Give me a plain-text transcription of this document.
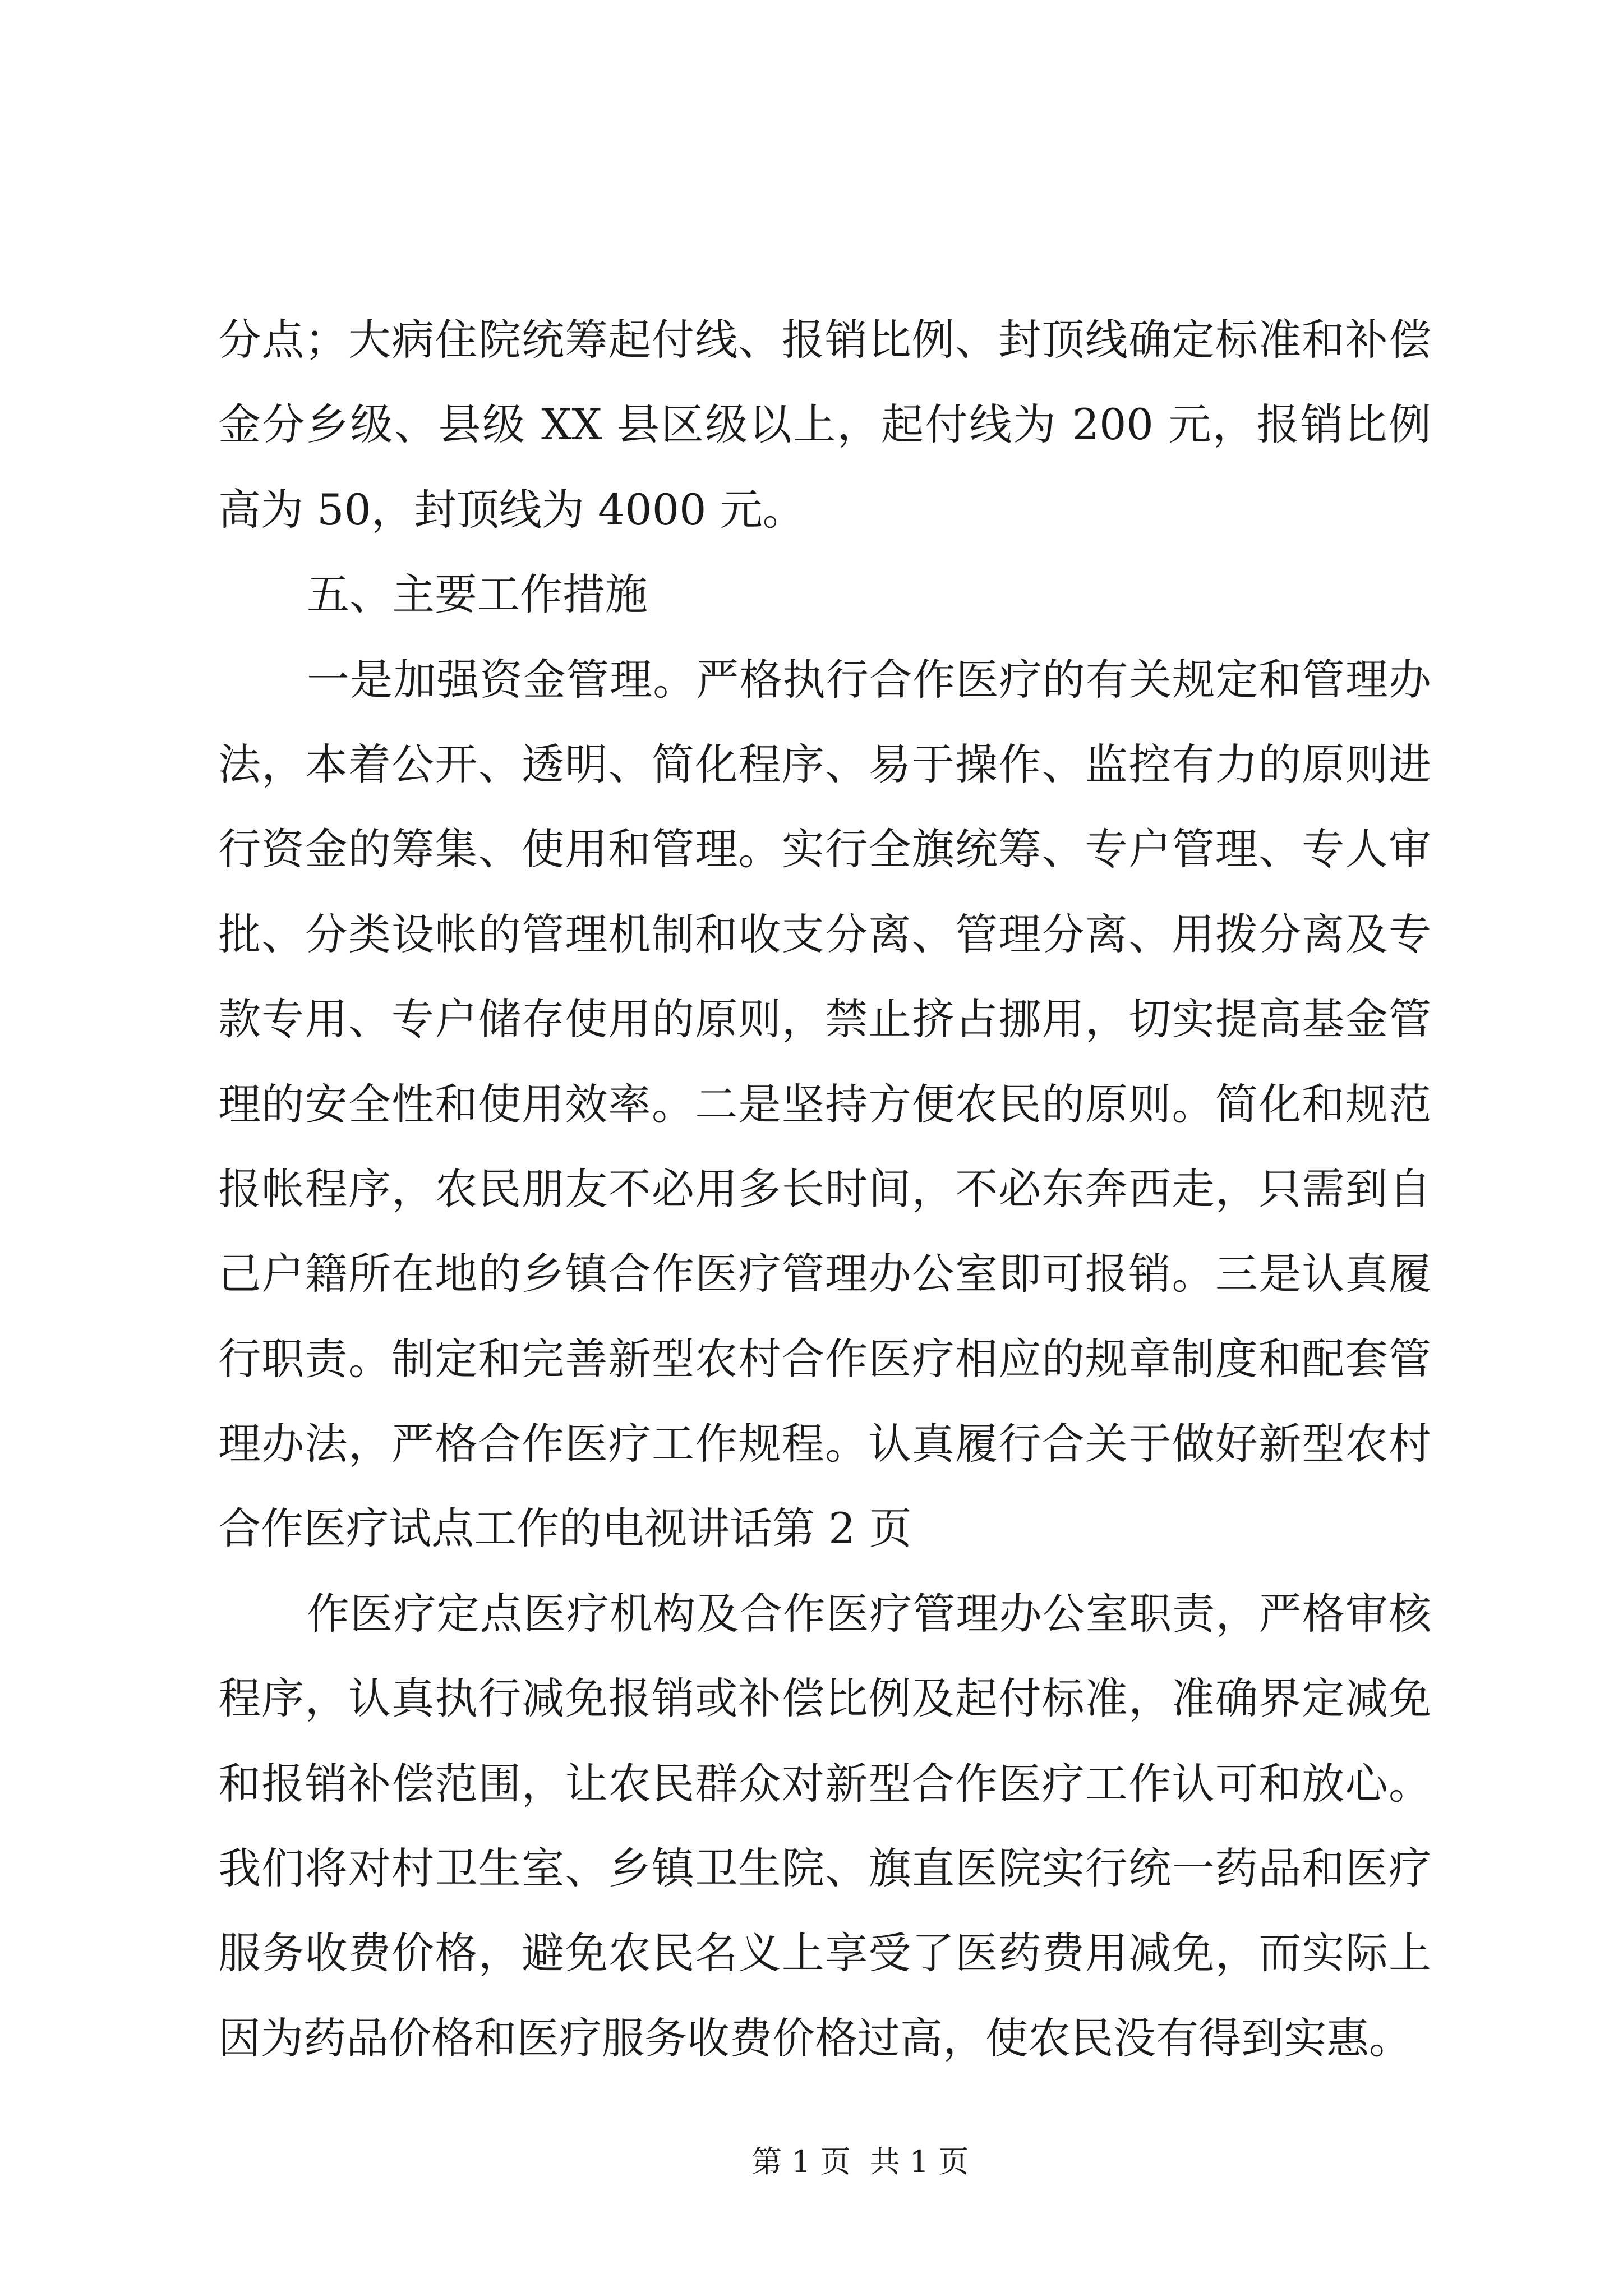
分点；大病住院统筹起付线、报销比例、封顶线确定标准和补偿
金分乡级、县级 XX 县区级以上，起付线为 200 元，报销比例
高为 50，封顶线为 4000 元。
五、主要工作措施
一是加强资金管理。严格执行合作医疗的有关规定和管理办
法，本着公开、透明、简化程序、易于操作、监控有力的原则进
行资金的筹集、使用和管理。实行全旗统筹、专户管理、专人审
批、分类设帐的管理机制和收支分离、管理分离、用拨分离及专
款专用、专户储存使用的原则，禁止挤占挪用，切实提高基金管
理的安全性和使用效率。二是坚持方便农民的原则。简化和规范
报帐程序，农民朋友不必用多长时间，不必东奔西走，只需到自
己户籍所在地的乡镇合作医疗管理办公室即可报销。三是认真履
行职责。制定和完善新型农村合作医疗相应的规章制度和配套管
理办法，严格合作医疗工作规程。认真履行合关于做好新型农村
合作医疗试点工作的电视讲话第 2 页
作医疗定点医疗机构及合作医疗管理办公室职责，严格审核
程序，认真执行减免报销或补偿比例及起付标准，准确界定减免
和报销补偿范围，让农民群众对新型合作医疗工作认可和放心。
我们将对村卫生室、乡镇卫生院、旗直医院实行统一药品和医疗
服务收费价格，避免农民名义上享受了医药费用减免，而实际上
因为药品价格和医疗服务收费价格过高，使农民没有得到实惠。
第 1 页 共 1 页
